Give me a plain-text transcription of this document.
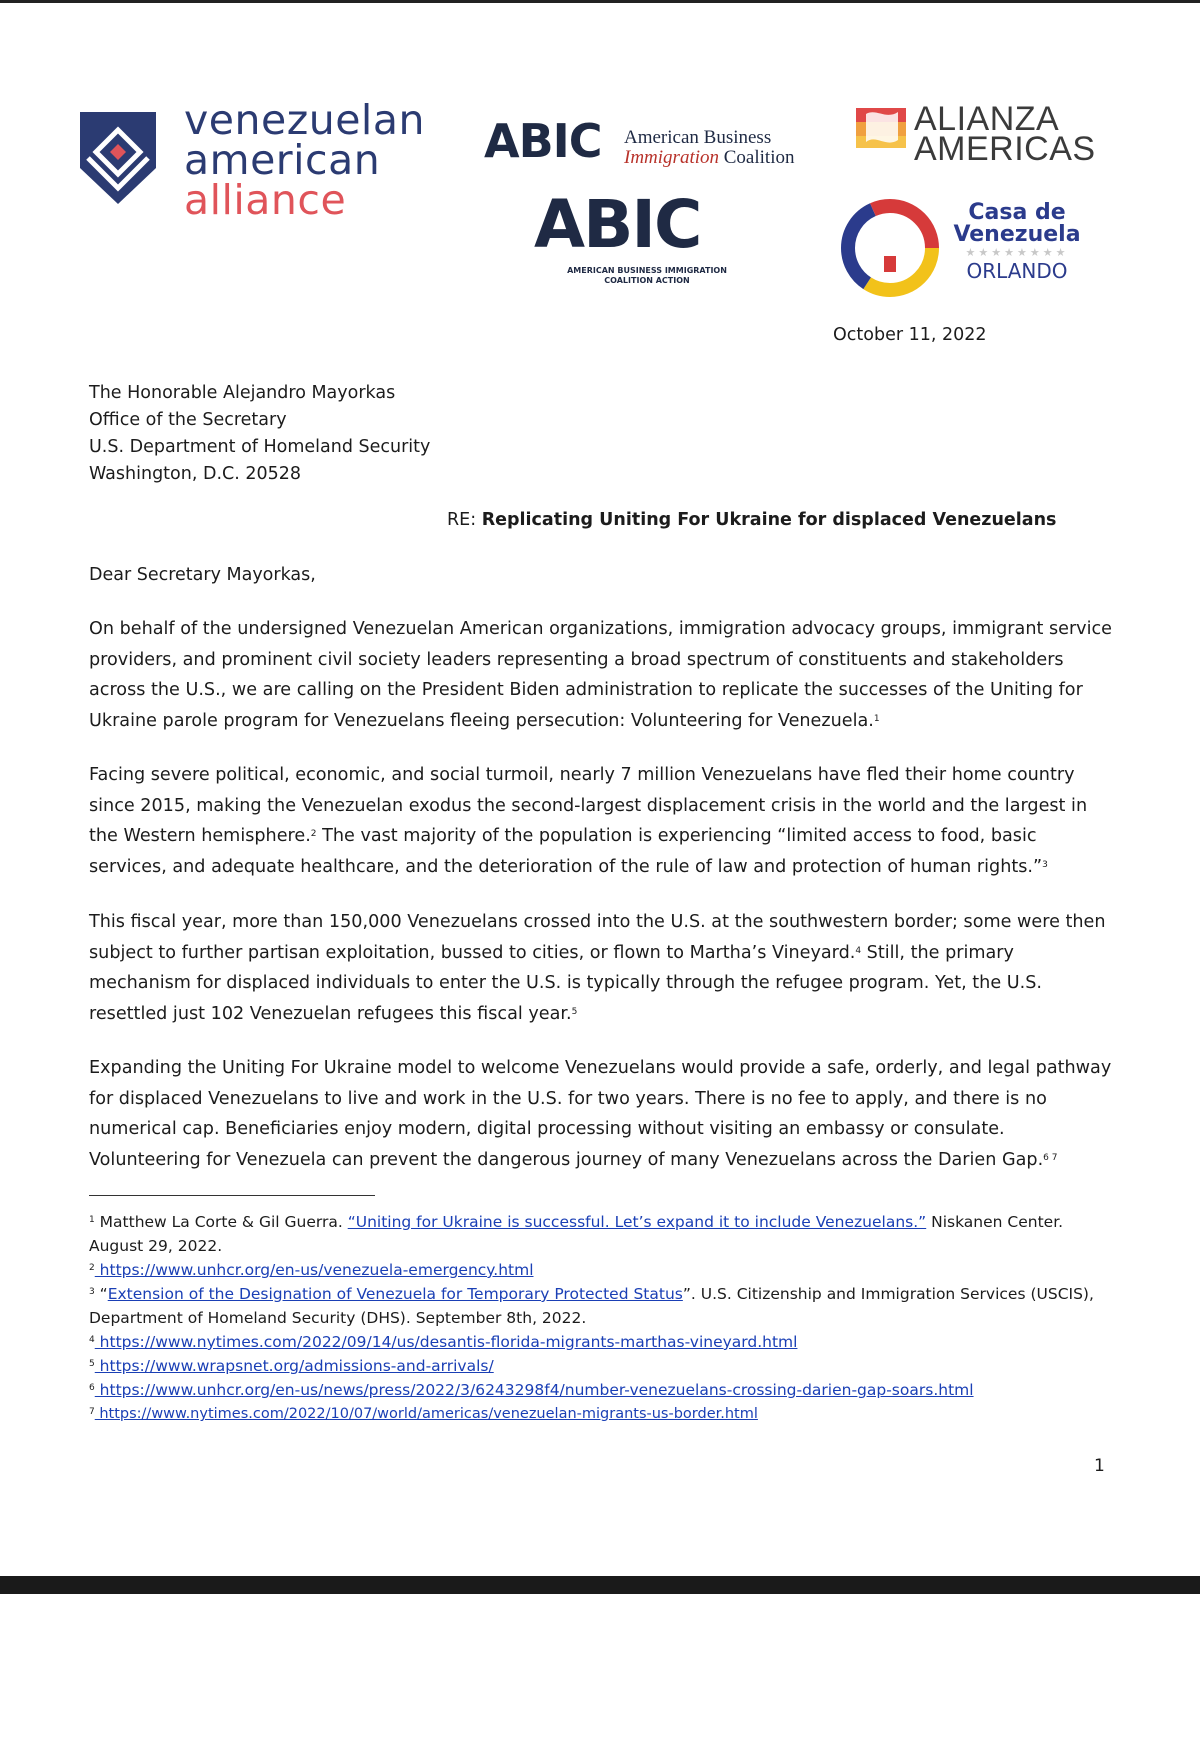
venezuelan
american
alliance
ABIC American Business
Immigration Coalition
ABIC
AMERICAN BUSINESS IMMIGRATION
COALITION ACTION
ALIANZA
AMERICAS
Casa de
Venezuela
★★★★★★★★
ORLANDO
October 11, 2022
The Honorable Alejandro Mayorkas
Office of the Secretary
U.S. Department of Homeland Security
Washington, D.C. 20528
RE: Replicating Uniting For Ukraine for displaced Venezuelans
Dear Secretary Mayorkas,
On behalf of the undersigned Venezuelan American organizations, immigration advocacy groups, immigrant service providers, and prominent civil society leaders representing a broad spectrum of constituents and stakeholders across the U.S., we are calling on the President Biden administration to replicate the successes of the Uniting for Ukraine parole program for Venezuelans fleeing persecution: Volunteering for Venezuela.$^1$
Facing severe political, economic, and social turmoil, nearly 7 million Venezuelans have fled their home country since 2015, making the Venezuelan exodus the second-largest displacement crisis in the world and the largest in the Western hemisphere.$^2$ The vast majority of the population is experiencing “limited access to food, basic services, and adequate healthcare, and the deterioration of the rule of law and protection of human rights.”$^3$
This fiscal year, more than 150,000 Venezuelans crossed into the U.S. at the southwestern border; some were then subject to further partisan exploitation, bussed to cities, or flown to Martha’s Vineyard.$^4$ Still, the primary mechanism for displaced individuals to enter the U.S. is typically through the refugee program. Yet, the U.S. resettled just 102 Venezuelan refugees this fiscal year.$^5$
Expanding the Uniting For Ukraine model to welcome Venezuelans would provide a safe, orderly, and legal pathway for displaced Venezuelans to live and work in the U.S. for two years. There is no fee to apply, and there is no numerical cap. Beneficiaries enjoy modern, digital processing without visiting an embassy or consulate. Volunteering for Venezuela can prevent the dangerous journey of many Venezuelans across the Darien Gap.$^{6 7}$
$^1$ Matthew La Corte & Gil Guerra. “Uniting for Ukraine is successful. Let’s expand it to include Venezuelans.” Niskanen Center. August 29, 2022.
$^2$ https://www.unhcr.org/en-us/venezuela-emergency.html
$^3$ “Extension of the Designation of Venezuela for Temporary Protected Status”. U.S. Citizenship and Immigration Services (USCIS), Department of Homeland Security (DHS). September 8th, 2022.
$^4$ https://www.nytimes.com/2022/09/14/us/desantis-florida-migrants-marthas-vineyard.html
$^5$ https://www.wrapsnet.org/admissions-and-arrivals/
$^6$ https://www.unhcr.org/en-us/news/press/2022/3/6243298f4/number-venezuelans-crossing-darien-gap-soars.html
$^7$ https://www.nytimes.com/2022/10/07/world/americas/venezuelan-migrants-us-border.html
1
